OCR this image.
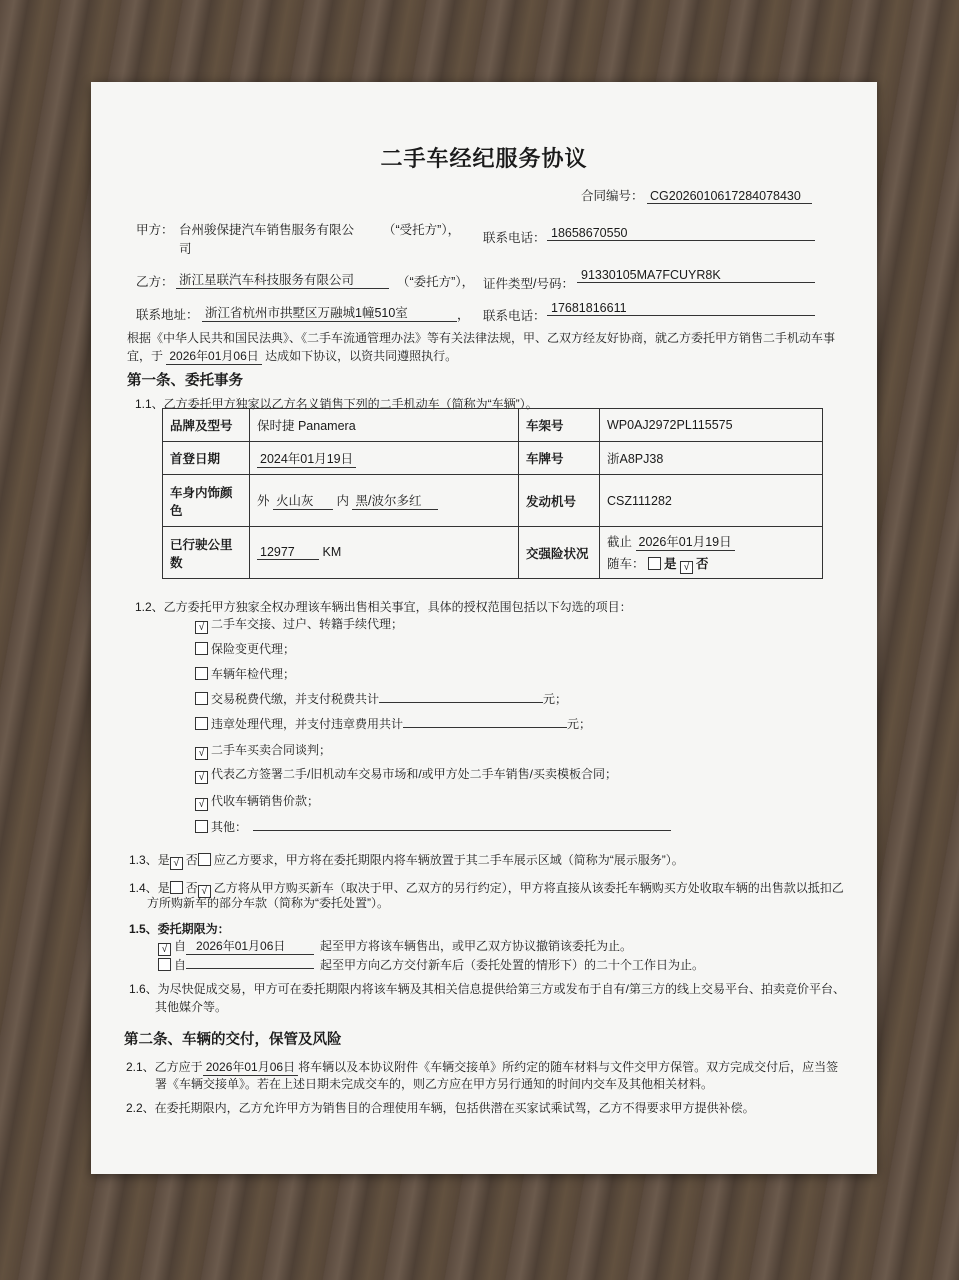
二手车经纪服务协议
合同编号： CG2026010617284078430
甲方： 台州骏保捷汽车销售服务有限公
司
（“受托方”），
联系电话： 18658670550
乙方： 浙江星联汽车科技服务有限公司	（“委托方”）， 证件类型/号码：
91330105MA7FCUYR8K
联系地址： 浙江省杭州市拱墅区万融城1幢510室	， 联系电话：
17681816611
根据《中华人民共和国民法典》、《二手车流通管理办法》等有关法律法规，甲、乙双方经友好协商，就乙方委托甲方销售二手机动车事
宜，于 2026年01月06日 达成如下协议，以资共同遵照执行。
第一条、委托事务
1.1、乙方委托甲方独家以乙方名义销售下列的二手机动车（简称为“车辆”）。
品牌及型号	保时捷 Panamera	车架号	WP0AJ2972PL115575
首登日期	2024年01月19日	车牌号	浙A8PJ38
车身内饰颜色	外 火山灰 内 黑/波尔多红	发动机号	CSZ111282
已行驶公里数	12977 KM	交强险状况	截止 2026年01月19日
随车： 是 √ 否
1.2、乙方委托甲方独家全权办理该车辆出售相关事宜，具体的授权范围包括以下勾选的项目：
√ 二手车交接、过户、转籍手续代理；
保险变更代理；
车辆年检代理；
交易税费代缴，并支付税费共计	元；
违章处理代理，并支付违章费用共计	元；
√ 二手车买卖合同谈判；
√ 代表乙方签署二手/旧机动车交易市场和/或甲方处二手车销售/买卖模板合同；
√ 代收车辆销售价款；
其他：
1.3、是 √ 否 应乙方要求，甲方将在委托期限内将车辆放置于其二手车展示区域（简称为“展示服务”）。
1.4、是 否 √ 乙方将从甲方购买新车（取决于甲、乙双方的另行约定），甲方将直接从该委托车辆购买方处收取车辆的出售款以抵扣乙
方所购新车的部分车款（简称为“委托处置”）。
1.5、委托期限为：
√ 自 2026年01月06日	起至甲方将该车辆售出，或甲乙双方协议撤销该委托为止。
自	起至甲方向乙方交付新车后（委托处置的情形下）的二十个工作日为止。
1.6、为尽快促成交易，甲方可在委托期限内将该车辆及其相关信息提供给第三方或发布于自有/第三方的线上交易平台、拍卖竞价平台、
其他媒介等。
第二条、车辆的交付，保管及风险
2.1、乙方应于 2026年01月06日 将车辆以及本协议附件《车辆交接单》所约定的随车材料与文件交甲方保管。双方完成交付后，应当签
署《车辆交接单》。若在上述日期未完成交车的，则乙方应在甲方另行通知的时间内交车及其他相关材料。
2.2、在委托期限内，乙方允许甲方为销售目的合理使用车辆，包括供潜在买家试乘试驾，乙方不得要求甲方提供补偿。
